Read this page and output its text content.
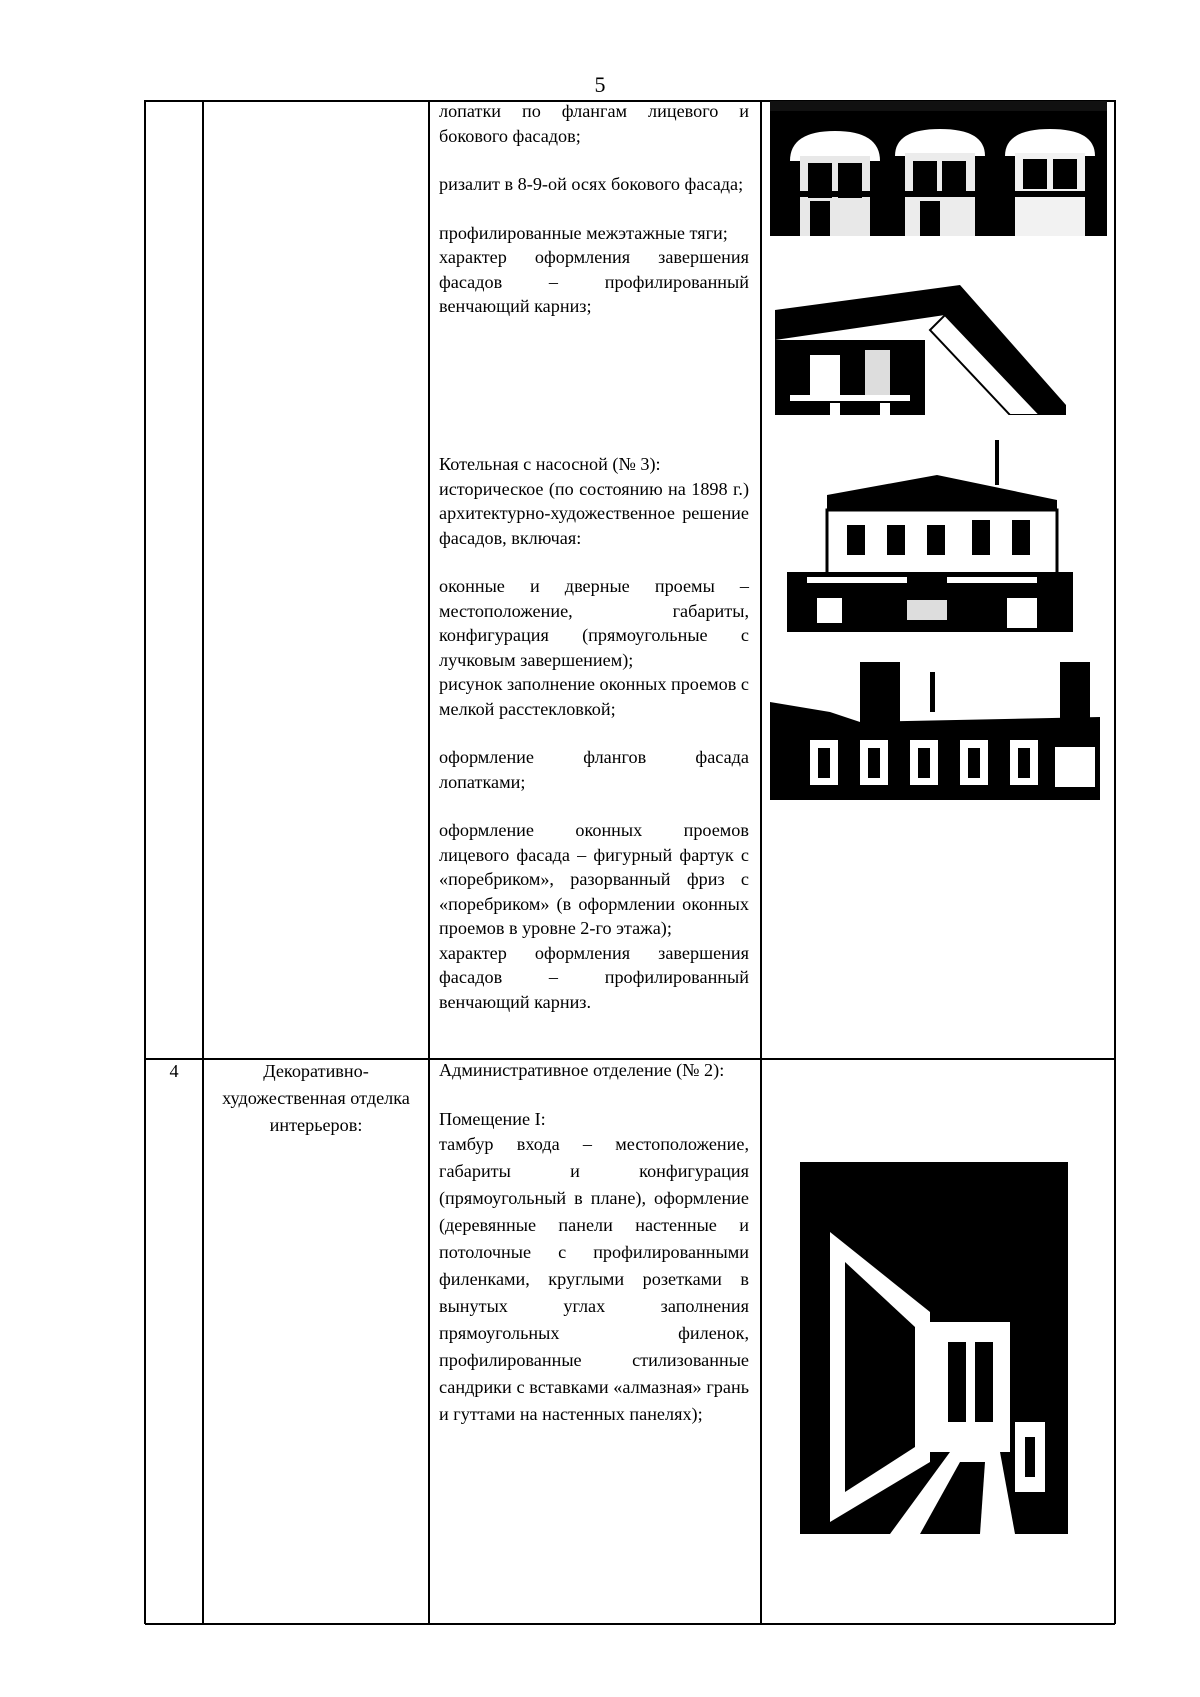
5

лопатки по флангам лицевого и бокового фасадов;

ризалит в 8-9-ой осях бокового фасада;

профилированные межэтажные тяги;

характер оформления завершения фасадов – профилированный венчающий карниз;

Котельная с насосной (№ 3):

историческое (по состоянию на 1898 г.) архитектурно-художественное решение фасадов, включая:

оконные и дверные проемы – местоположение, габариты, конфигурация (прямоугольные с лучковым завершением);

рисунок заполнение оконных проемов с мелкой расстекловкой;

оформление флангов фасада лопатками;

оформление оконных проемов лицевого фасада – фигурный фартук с «поребриком», разорванный фриз с «поребриком» (в оформлении оконных проемов в уровне 2-го этажа);

характер оформления завершения фасадов – профилированный венчающий карниз.

4	Декоративно-художественная отделка интерьеров:

Административное отделение (№ 2):

Помещение I:

тамбур входа – местоположение, габариты и конфигурация (прямоугольный в плане), оформление (деревянные панели настенные и потолочные с профилированными филенками, круглыми розетками в вынутых углах заполнения прямоугольных филенок, профилированные стилизованные сандрики с вставками «алмазная» грань и гуттами на настенных панелях);
